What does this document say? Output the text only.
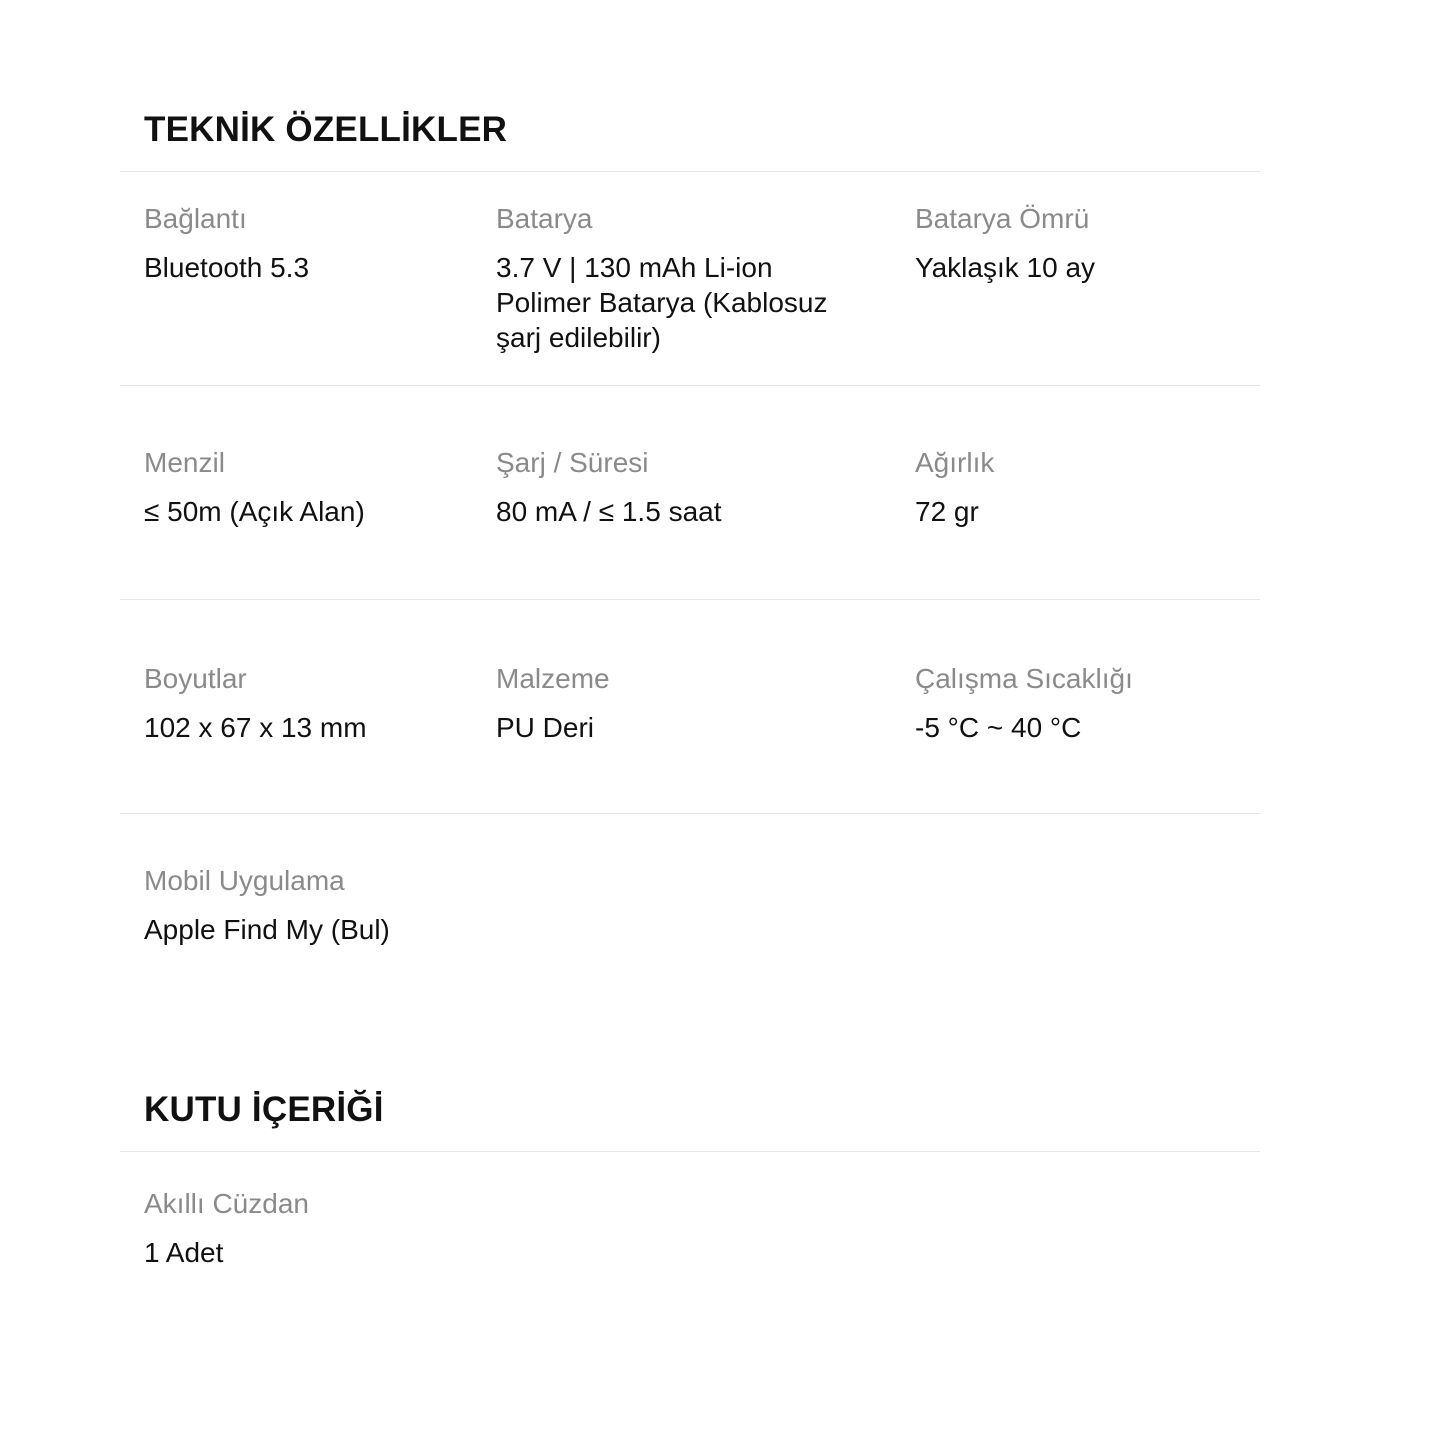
TEKNİK ÖZELLİKLER
Bağlantı
Bluetooth 5.3
Batarya
3.7 V | 130 mAh Li-ion Polimer Batarya (Kablosuz şarj edilebilir)
Batarya Ömrü
Yaklaşık 10 ay
Menzil
≤ 50m (Açık Alan)
Şarj / Süresi
80 mA / ≤ 1.5 saat
Ağırlık
72 gr
Boyutlar
102 x 67 x 13 mm
Malzeme
PU Deri
Çalışma Sıcaklığı
-5 °C ~ 40 °C
Mobil Uygulama
Apple Find My (Bul)
KUTU İÇERİĞİ
Akıllı Cüzdan
1 Adet
